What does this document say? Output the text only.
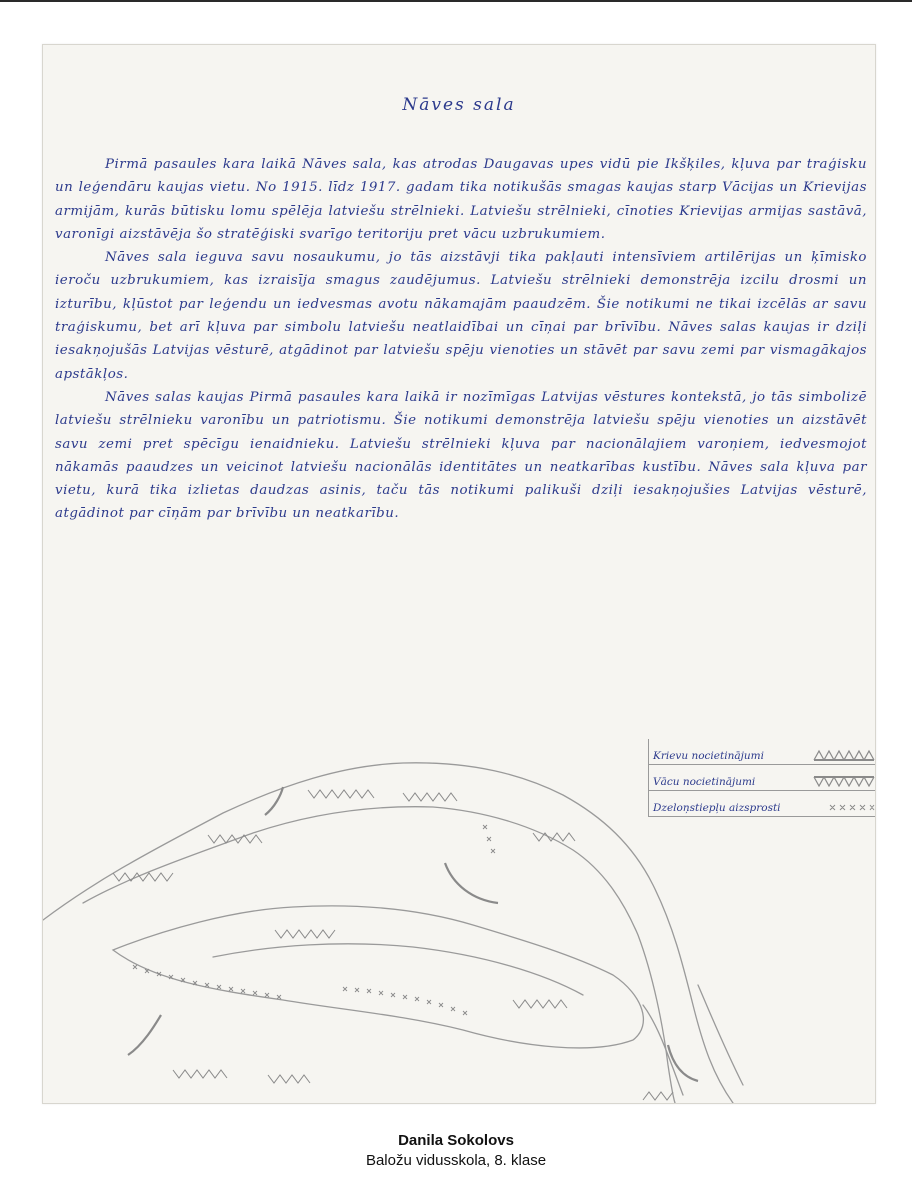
Nāves sala

Pirmā pasaules kara laikā Nāves sala, kas atrodas Daugavas upes vidū pie Ikšķiles, kļuva par traģisku un leģendāru kaujas vietu. No 1915. līdz 1917. gadam tika notikušās smagas kaujas starp Vācijas un Krievijas armijām, kurās būtisku lomu spēlēja latviešu strēlnieki. Latviešu strēlnieki, cīnoties Krievijas armijas sastāvā, varonīgi aizstāvēja šo stratēģiski svarīgo teritoriju pret vācu uzbrukumiem.

Nāves sala ieguva savu nosaukumu, jo tās aizstāvji tika pakļauti intensīviem artilērijas un ķīmisko ieroču uzbrukumiem, kas izraisīja smagus zaudējumus. Latviešu strēlnieki demonstrēja izcilu drosmi un izturību, kļūstot par leģendu un iedvesmas avotu nākamajām paaudzēm. Šie notikumi ne tikai izcēlās ar savu traģiskumu, bet arī kļuva par simbolu latviešu neatlaidībai un cīņai par brīvību. Nāves salas kaujas ir dziļi iesakņojušās Latvijas vēsturē, atgādinot par latviešu spēju vienoties un stāvēt par savu zemi par vismagākajos apstākļos.

Nāves salas kaujas Pirmā pasaules kara laikā ir nozīmīgas Latvijas vēstures kontekstā, jo tās simbolizē latviešu strēlnieku varonību un patriotismu. Šie notikumi demonstrēja latviešu spēju vienoties un aizstāvēt savu zemi pret spēcīgu ienaidnieku. Latviešu strēlnieki kļuva par nacionālajiem varoņiem, iedvesmojot nākamās paaudzes un veicinot latviešu nacionālās identitātes un neatkarības kustību. Nāves sala kļuva par vietu, kurā tika izlietas daudzas asinis, taču tās notikumi palikuši dziļi iesakņojušies Latvijas vēsturē, atgādinot par cīņām par brīvību un neatkarību.

Krievu nocietinājumi
Vācu nocietinājumi
Dzeloņstiepļu aizsprosti
Danila Sokolovs
Baložu vidusskola, 8. klase
